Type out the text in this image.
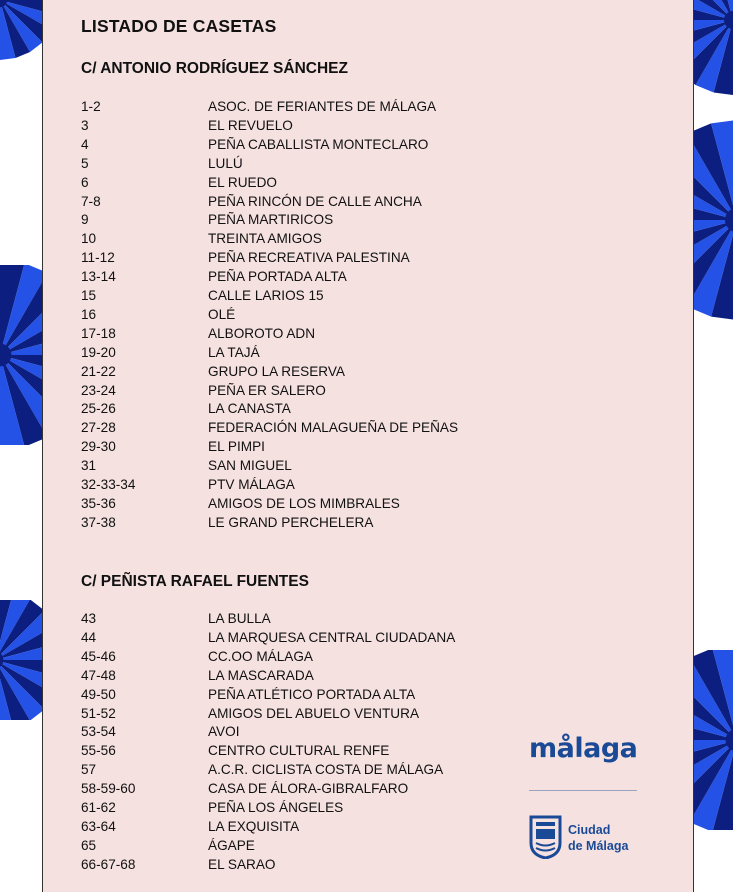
LISTADO DE CASETAS
C/ ANTONIO RODRÍGUEZ SÁNCHEZ
1-2	ASOC. DE FERIANTES DE MÁLAGA
3	EL REVUELO
4	PEÑA CABALLISTA MONTECLARO
5	LULÚ
6	EL RUEDO
7-8	PEÑA RINCÓN DE CALLE ANCHA
9	PEÑA MARTIRICOS
10	TREINTA AMIGOS
11-12	PEÑA RECREATIVA PALESTINA
13-14	PEÑA PORTADA ALTA
15	CALLE LARIOS 15
16	OLÉ
17-18	ALBOROTO ADN
19-20	LA TAJÁ
21-22	GRUPO LA RESERVA
23-24	PEÑA ER SALERO
25-26	LA CANASTA
27-28	FEDERACIÓN MALAGUEÑA DE PEÑAS
29-30	EL PIMPI
31	SAN MIGUEL
32-33-34	PTV MÁLAGA
35-36	AMIGOS DE LOS MIMBRALES
37-38	LE GRAND PERCHELERA
C/ PEÑISTA RAFAEL FUENTES
43	LA BULLA
44	LA MARQUESA CENTRAL CIUDADANA
45-46	CC.OO MÁLAGA
47-48	LA MASCARADA
49-50	PEÑA ATLÉTICO PORTADA ALTA
51-52	AMIGOS DEL ABUELO VENTURA
53-54	AVOI
55-56	CENTRO CULTURAL RENFE
57	A.C.R. CICLISTA COSTA DE MÁLAGA
58-59-60	CASA DE ÁLORA-GIBRALFARO
61-62	PEÑA LOS ÁNGELES
63-64	LA EXQUISITA
65	ÁGAPE
66-67-68	EL SARAO
målaga
Ciudad
de Málaga
